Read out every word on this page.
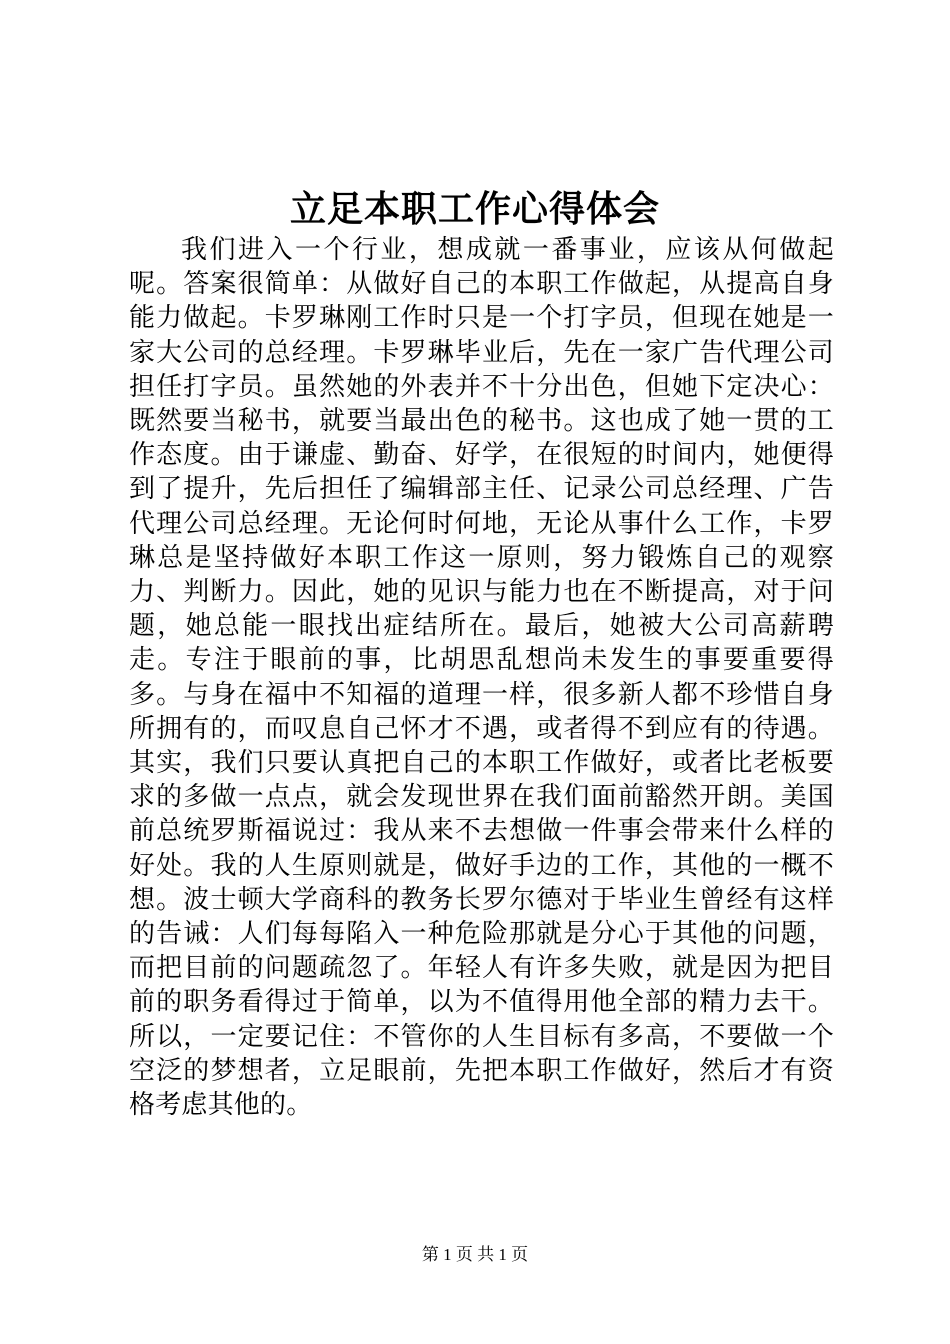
立足本职工作心得体会

我们进入一个行业，想成就一番事业，应该从何做起呢。答案很简单：从做好自己的本职工作做起，从提高自身能力做起。卡罗琳刚工作时只是一个打字员，但现在她是一家大公司的总经理。卡罗琳毕业后，先在一家广告代理公司担任打字员。虽然她的外表并不十分出色，但她下定决心：既然要当秘书，就要当最出色的秘书。这也成了她一贯的工作态度。由于谦虚、勤奋、好学，在很短的时间内，她便得到了提升，先后担任了编辑部主任、记录公司总经理、广告代理公司总经理。无论何时何地，无论从事什么工作，卡罗琳总是坚持做好本职工作这一原则，努力锻炼自己的观察力、判断力。因此，她的见识与能力也在不断提高，对于问题，她总能一眼找出症结所在。最后，她被大公司高薪聘走。专注于眼前的事，比胡思乱想尚未发生的事要重要得多。与身在福中不知福的道理一样，很多新人都不珍惜自身所拥有的，而叹息自己怀才不遇，或者得不到应有的待遇。其实，我们只要认真把自己的本职工作做好，或者比老板要求的多做一点点，就会发现世界在我们面前豁然开朗。美国前总统罗斯福说过：我从来不去想做一件事会带来什么样的好处。我的人生原则就是，做好手边的工作，其他的一概不想。波士顿大学商科的教务长罗尔德对于毕业生曾经有这样的告诫：人们每每陷入一种危险那就是分心于其他的问题，而把目前的问题疏忽了。年轻人有许多失败，就是因为把目前的职务看得过于简单，以为不值得用他全部的精力去干。所以，一定要记住：不管你的人生目标有多高，不要做一个空泛的梦想者，立足眼前，先把本职工作做好，然后才有资格考虑其他的。

第 1 页 共 1 页
